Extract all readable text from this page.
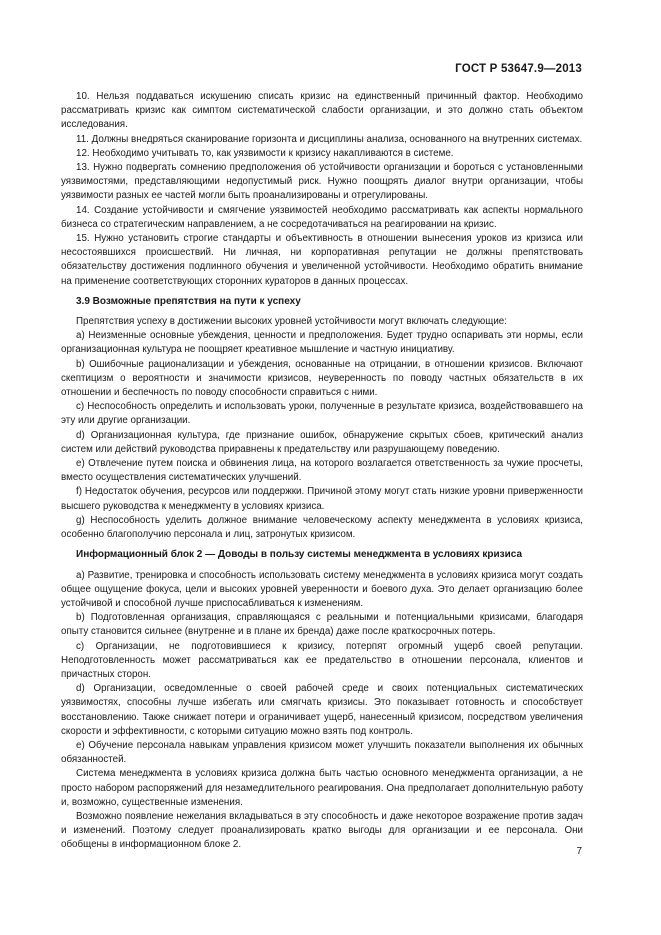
ГОСТ Р 53647.9—2013

10. Нельзя поддаваться искушению списать кризис на единственный причинный фактор. Необходимо рассматривать кризис как симптом систематической слабости организации, и это должно стать объектом исследования.

11. Должны внедряться сканирование горизонта и дисциплины анализа, основанного на внутренних системах.

12. Необходимо учитывать то, как уязвимости к кризису накапливаются в системе.

13. Нужно подвергать сомнению предположения об устойчивости организации и бороться с установленными уязвимостями, представляющими недопустимый риск. Нужно поощрять диалог внутри организации, чтобы уязвимости разных ее частей могли быть проанализированы и отрегулированы.

14. Создание устойчивости и смягчение уязвимостей необходимо рассматривать как аспекты нормального бизнеса со стратегическим направлением, а не сосредотачиваться на реагировании на кризис.

15. Нужно установить строгие стандарты и объективность в отношении вынесения уроков из кризиса или несостоявшихся происшествий. Ни личная, ни корпоративная репутации не должны препятствовать обязательству достижения подлинного обучения и увеличенной устойчивости. Необходимо обратить внимание на применение соответствующих сторонних кураторов в данных процессах.

3.9 Возможные препятствия на пути к успеху

Препятствия успеху в достижении высоких уровней устойчивости могут включать следующие:

a) Неизменные основные убеждения, ценности и предположения. Будет трудно оспаривать эти нормы, если организационная культура не поощряет креативное мышление и частную инициативу.

b) Ошибочные рационализации и убеждения, основанные на отрицании, в отношении кризисов. Включают скептицизм о вероятности и значимости кризисов, неуверенность по поводу частных обязательств в их отношении и беспечность по поводу способности справиться с ними.

c) Неспособность определить и использовать уроки, полученные в результате кризиса, воздействовавшего на эту или другие организации.

d) Организационная культура, где признание ошибок, обнаружение скрытых сбоев, критический анализ систем или действий руководства приравнены к предательству или разрушающему поведению.

e) Отвлечение путем поиска и обвинения лица, на которого возлагается ответственность за чужие просчеты, вместо осуществления систематических улучшений.

f) Недостаток обучения, ресурсов или поддержки. Причиной этому могут стать низкие уровни приверженности высшего руководства к менеджменту в условиях кризиса.

g) Неспособность уделить должное внимание человеческому аспекту менеджмента в условиях кризиса, особенно благополучию персонала и лиц, затронутых кризисом.

Информационный блок 2 — Доводы в пользу системы менеджмента в условиях кризиса

a) Развитие, тренировка и способность использовать систему менеджмента в условиях кризиса могут создать общее ощущение фокуса, цели и высоких уровней уверенности и боевого духа. Это делает организацию более устойчивой и способной лучше приспосабливаться к изменениям.

b) Подготовленная организация, справляющаяся с реальными и потенциальными кризисами, благодаря опыту становится сильнее (внутренне и в плане их бренда) даже после краткосрочных потерь.

c) Организации, не подготовившиеся к кризису, потерпят огромный ущерб своей репутации. Неподготовленность может рассматриваться как ее предательство в отношении персонала, клиентов и причастных сторон.

d) Организации, осведомленные о своей рабочей среде и своих потенциальных систематических уязвимостях, способны лучше избегать или смягчать кризисы. Это показывает готовность и способствует восстановлению. Также снижает потери и ограничивает ущерб, нанесенный кризисом, посредством увеличения скорости и эффективности, с которыми ситуацию можно взять под контроль.

e) Обучение персонала навыкам управления кризисом может улучшить показатели выполнения их обычных обязанностей.

Система менеджмента в условиях кризиса должна быть частью основного менеджмента организации, а не просто набором распоряжений для незамедлительного реагирования. Она предполагает дополнительную работу и, возможно, существенные изменения.

Возможно появление нежелания вкладываться в эту способность и даже некоторое возражение против задач и изменений. Поэтому следует проанализировать кратко выгоды для организации и ее персонала. Они обобщены в информационном блоке 2.

7
